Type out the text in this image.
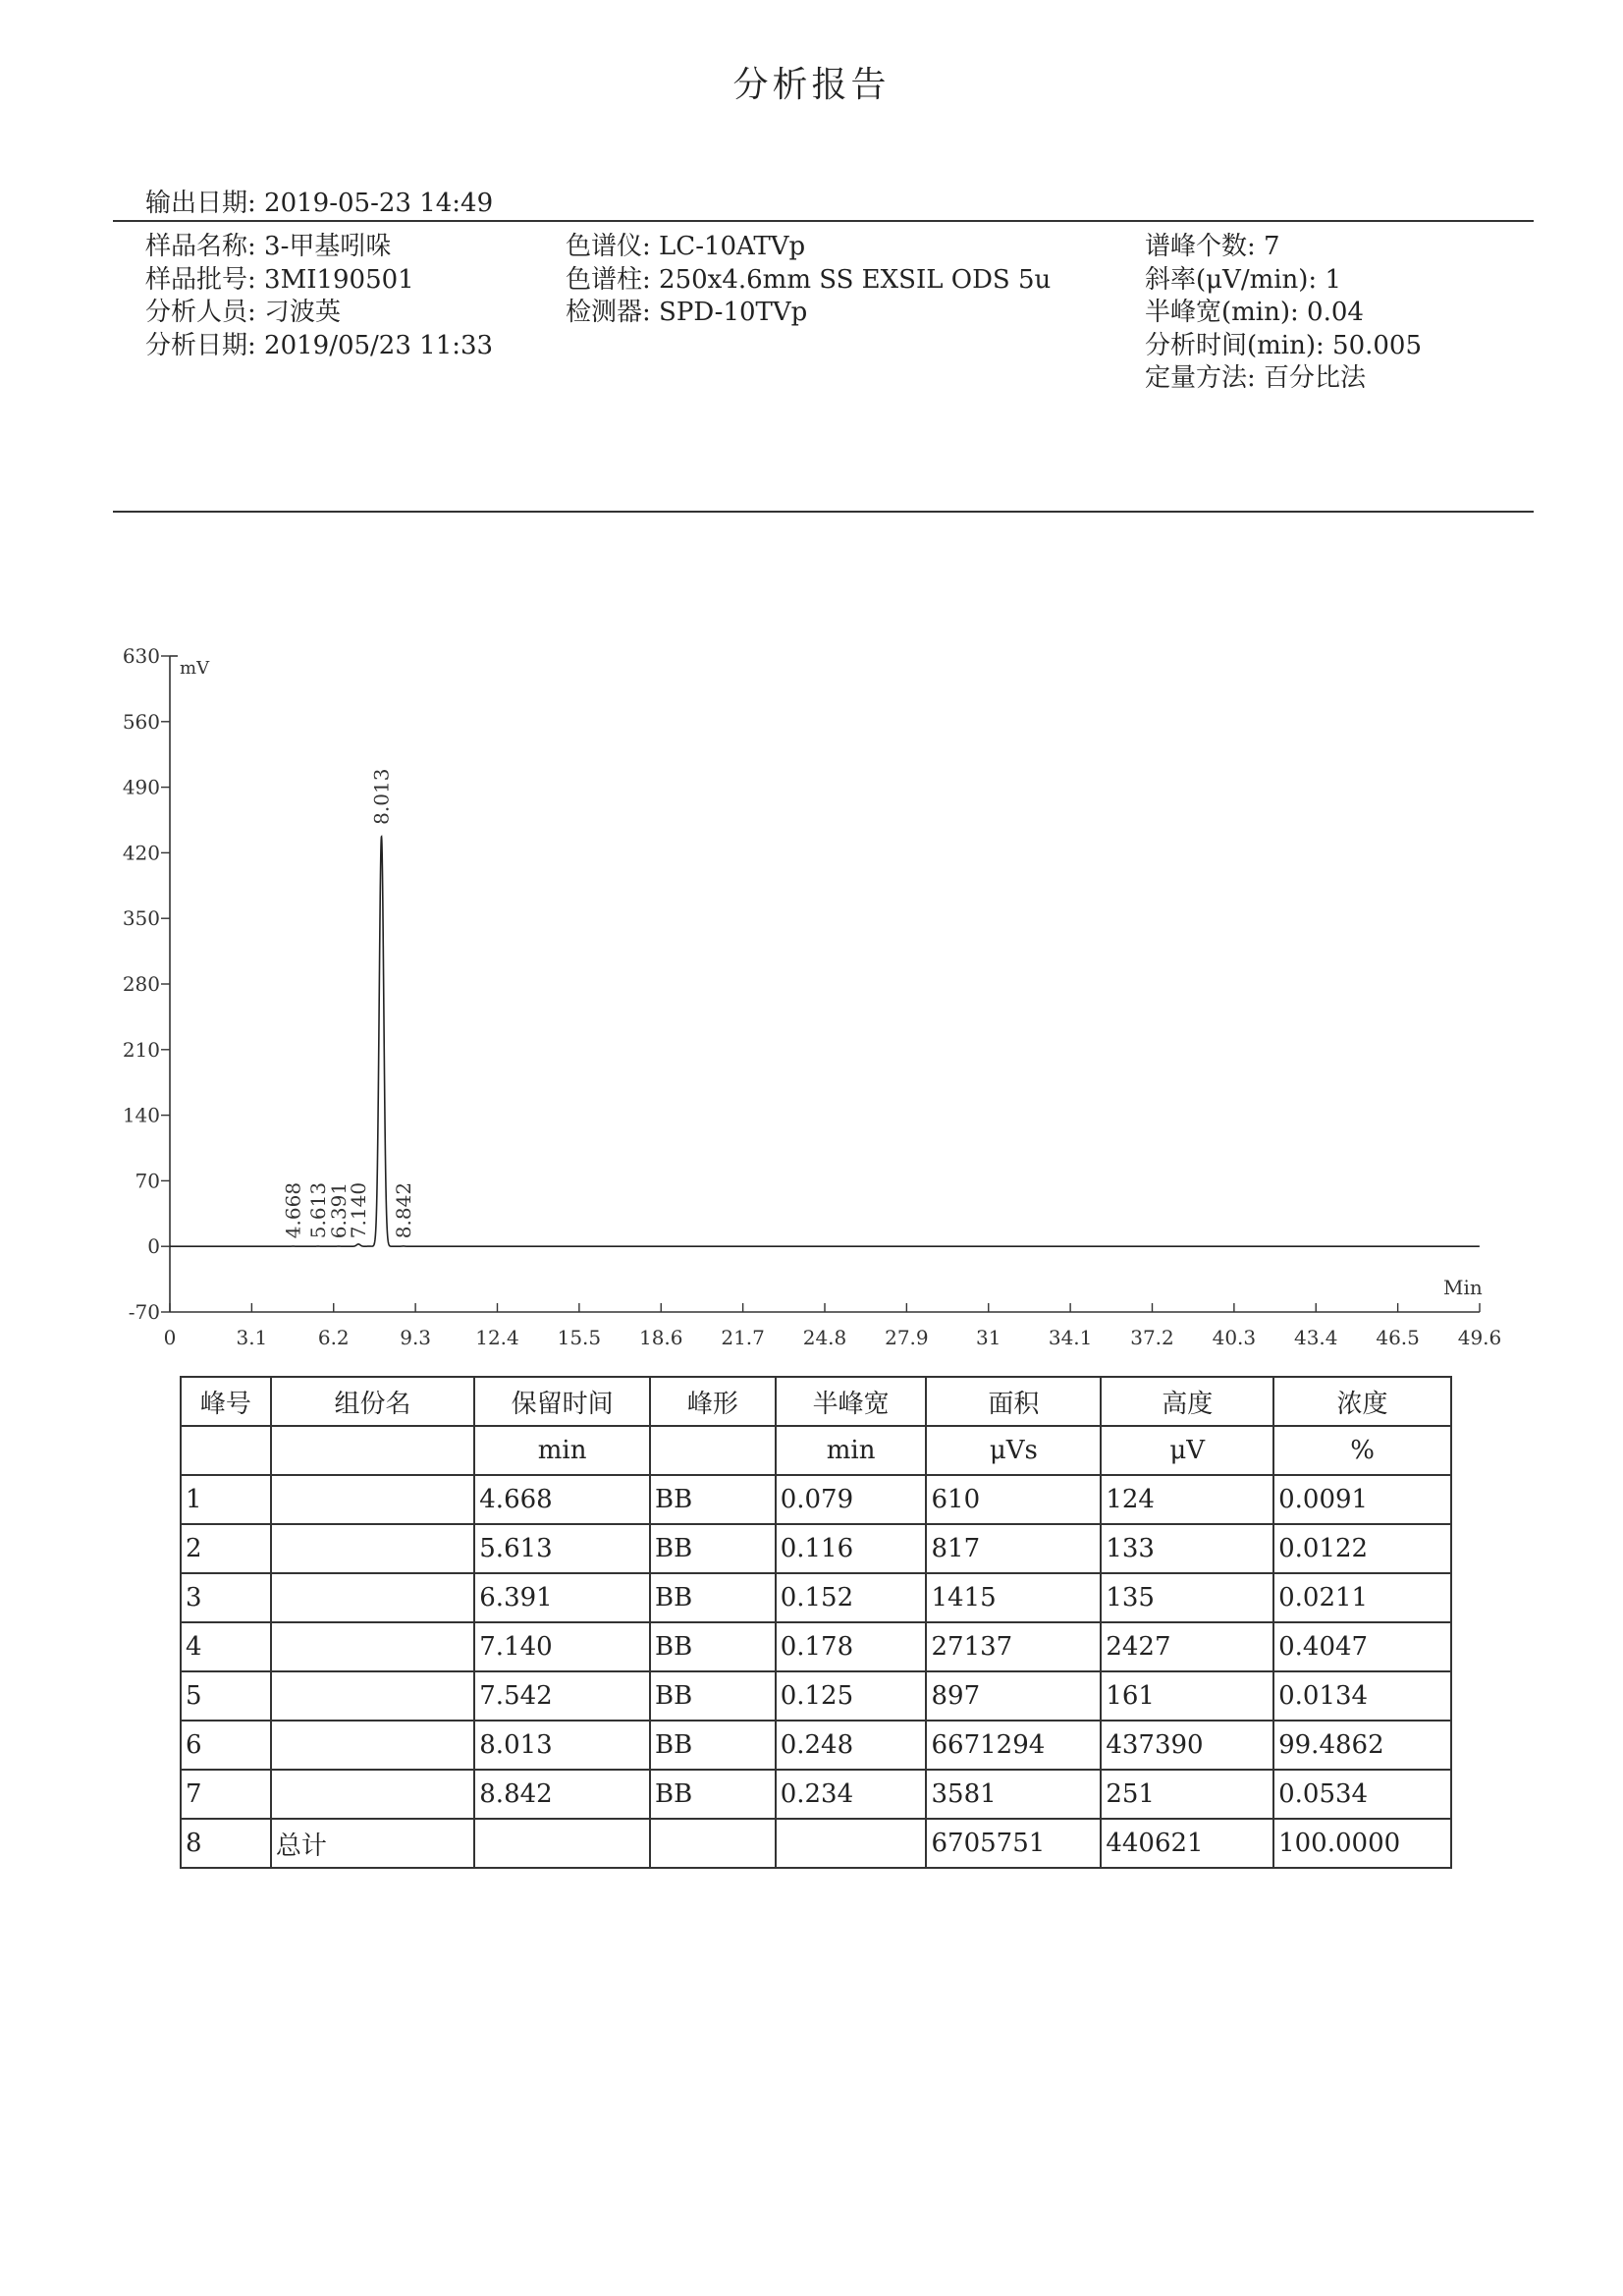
分析报告
输出日期: 2019-05-23 14:49
样品名称: 3-甲基吲哚
样品批号: 3MI190501
分析人员: 刁波英
分析日期: 2019/05/23 11:33
色谱仪: LC-10ATVp
色谱柱: 250x4.6mm SS EXSIL ODS 5u
检测器: SPD-10TVp
谱峰个数: 7
斜率(μV/min): 1
半峰宽(min): 0.04
分析时间(min): 50.005
定量方法: 百分比法
630
560
490
420
350
280
210
140
70
0
-70
0	3.1	6.2	9.3 12.4 15.5 18.6 21.7 24.8 27.9 31 34.1 37.2 40.3 43.4 46.5 49.6
mV
Min
4.668 5.613
6.391
7.140
8.013
8.842
峰号	组份名	保留时间	峰形	半峰宽	面积	高度	浓度
		min		min	μVs	μV	%
1		4.668	BB	0.079	610	124	0.0091
2		5.613	BB	0.116	817	133	0.0122
3		6.391	BB	0.152	1415	135	0.0211
4		7.140	BB	0.178	27137	2427	0.4047
5		7.542	BB	0.125	897	161	0.0134
6		8.013	BB	0.248	6671294	437390	99.4862
7		8.842	BB	0.234	3581	251	0.0534
8	总计				6705751	440621	100.0000
